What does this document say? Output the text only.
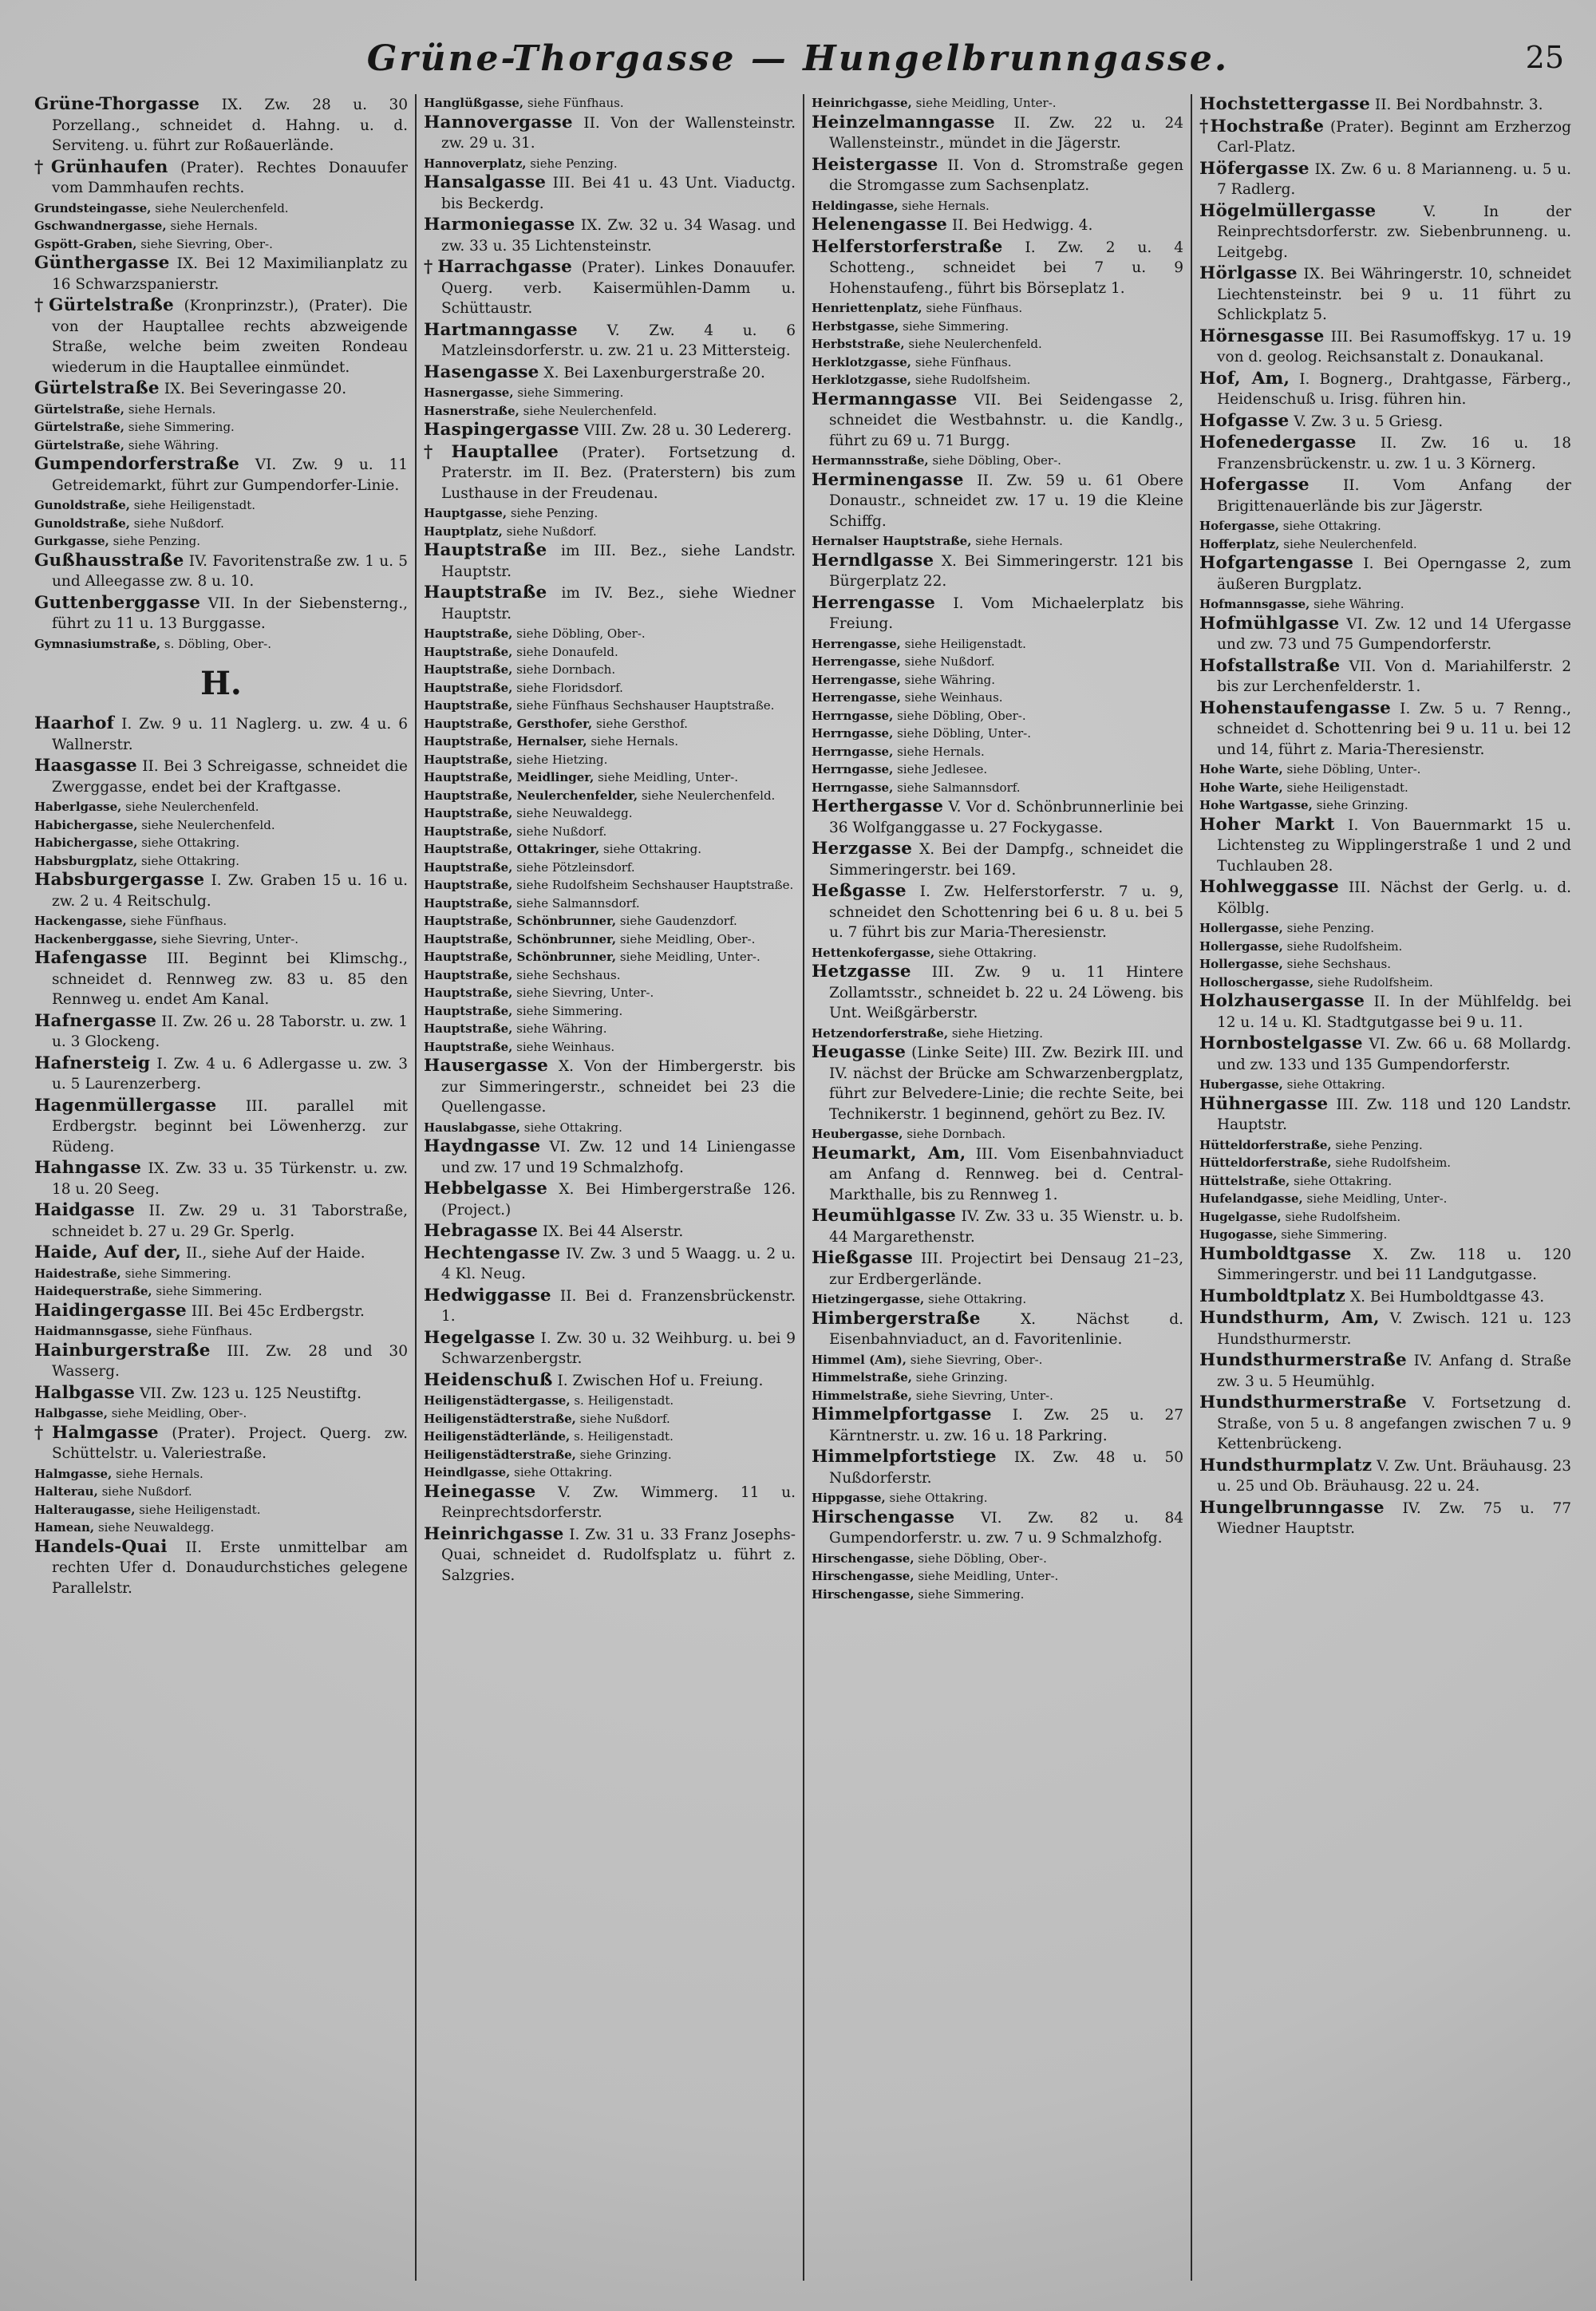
Grüne-Thorgasse — Hungelbrunngasse.	25

Grüne-Thorgasse IX. Zw. 28 u. 30 Porzellang., schneidet d. Hahng. u. d. Serviteng. u. führt zur Roßauerlände.

†Grünhaufen (Prater). Rechtes Donauufer vom Dammhaufen rechts.

Grundsteingasse, siehe Neulerchenfeld.

Gschwandnergasse, siehe Hernals.

Gspött-Graben, siehe Sievring, Ober-.

Günthergasse IX. Bei 12 Maximilianplatz zu 16 Schwarzspanierstr.

†Gürtelstraße (Kronprinzstr.), (Prater). Die von der Hauptallee rechts abzweigende Straße, welche beim zweiten Rondeau wiederum in die Hauptallee einmündet.

Gürtelstraße IX. Bei Severingasse 20.

Gürtelstraße, siehe Hernals.

Gürtelstraße, siehe Simmering.

Gürtelstraße, siehe Währing.

Gumpendorferstraße VI. Zw. 9 u. 11 Getreidemarkt, führt zur Gumpendorfer-Linie.

Gunoldstraße, siehe Heiligenstadt.

Gunoldstraße, siehe Nußdorf.

Gurkgasse, siehe Penzing.

Gußhausstraße IV. Favoritenstraße zw. 1 u. 5 und Alleegasse zw. 8 u. 10.

Guttenberggasse VII. In der Siebensterng., führt zu 11 u. 13 Burggasse.

Gymnasiumstraße, s. Döbling, Ober-.

H.

Haarhof I. Zw. 9 u. 11 Naglerg. u. zw. 4 u. 6 Wallnerstr.

Haasgasse II. Bei 3 Schreigasse, schneidet die Zwerggasse, endet bei der Kraftgasse.

Haberlgasse, siehe Neulerchenfeld.

Habichergasse, siehe Neulerchenfeld.

Habichergasse, siehe Ottakring.

Habsburgplatz, siehe Ottakring.

Habsburgergasse I. Zw. Graben 15 u. 16 u. zw. 2 u. 4 Reitschulg.

Hackengasse, siehe Fünfhaus.

Hackenberggasse, siehe Sievring, Unter-.

Hafengasse III. Beginnt bei Klimschg., schneidet d. Rennweg zw. 83 u. 85 den Rennweg u. endet Am Kanal.

Hafnergasse II. Zw. 26 u. 28 Taborstr. u. zw. 1 u. 3 Glockeng.

Hafnersteig I. Zw. 4 u. 6 Adlergasse u. zw. 3 u. 5 Laurenzerberg.

Hagenmüllergasse III. parallel mit Erdbergstr. beginnt bei Löwenherzg. zur Rüdeng.

Hahngasse IX. Zw. 33 u. 35 Türkenstr. u. zw. 18 u. 20 Seeg.

Haidgasse II. Zw. 29 u. 31 Taborstraße, schneidet b. 27 u. 29 Gr. Sperlg.

Haide, Auf der, II., siehe Auf der Haide.

Haidestraße, siehe Simmering.

Haidequerstraße, siehe Simmering.

Haidingergasse III. Bei 45c Erdbergstr.

Haidmannsgasse, siehe Fünfhaus.

Hainburgerstraße III. Zw. 28 und 30 Wasserg.

Halbgasse VII. Zw. 123 u. 125 Neustiftg.

Halbgasse, siehe Meidling, Ober-.

†Halmgasse (Prater). Project. Querg. zw. Schüttelstr. u. Valeriestraße.

Halmgasse, siehe Hernals.

Halterau, siehe Nußdorf.

Halteraugasse, siehe Heiligenstadt.

Hamean, siehe Neuwaldegg.

Handels-Quai II. Erste unmittelbar am rechten Ufer d. Donaudurchstiches gelegene Parallelstr.

Hanglüßgasse, siehe Fünfhaus.

Hannovergasse II. Von der Wallensteinstr. zw. 29 u. 31.

Hannoverplatz, siehe Penzing.

Hansalgasse III. Bei 41 u. 43 Unt. Viaductg. bis Beckerdg.

Harmoniegasse IX. Zw. 32 u. 34 Wasag. und zw. 33 u. 35 Lichtensteinstr.

†Harrachgasse (Prater). Linkes Donauufer. Querg. verb. Kaisermühlen-Damm u. Schüttaustr.

Hartmanngasse V. Zw. 4 u. 6 Matzleinsdorferstr. u. zw. 21 u. 23 Mittersteig.

Hasengasse X. Bei Laxenburgerstraße 20.

Hasnergasse, siehe Simmering.

Hasnerstraße, siehe Neulerchenfeld.

Haspingergasse VIII. Zw. 28 u. 30 Ledererg.

†Hauptallee (Prater). Fortsetzung d. Praterstr. im II. Bez. (Praterstern) bis zum Lusthause in der Freudenau.

Hauptgasse, siehe Penzing.

Hauptplatz, siehe Nußdorf.

Hauptstraße im III. Bez., siehe Landstr. Hauptstr.

Hauptstraße im IV. Bez., siehe Wiedner Hauptstr.

Hauptstraße, siehe Döbling, Ober-.

Hauptstraße, siehe Donaufeld.

Hauptstraße, siehe Dornbach.

Hauptstraße, siehe Floridsdorf.

Hauptstraße, siehe Fünfhaus Sechshauser Hauptstraße.

Hauptstraße, Gersthofer, siehe Gersthof.

Hauptstraße, Hernalser, siehe Hernals.

Hauptstraße, siehe Hietzing.

Hauptstraße, Meidlinger, siehe Meidling, Unter-.

Hauptstraße, Neulerchenfelder, siehe Neulerchenfeld.

Hauptstraße, siehe Neuwaldegg.

Hauptstraße, siehe Nußdorf.

Hauptstraße, Ottakringer, siehe Ottakring.

Hauptstraße, siehe Pötzleinsdorf.

Hauptstraße, siehe Rudolfsheim Sechshauser Hauptstraße.

Hauptstraße, siehe Salmannsdorf.

Hauptstraße, Schönbrunner, siehe Gaudenzdorf.

Hauptstraße, Schönbrunner, siehe Meidling, Ober-.

Hauptstraße, Schönbrunner, siehe Meidling, Unter-.

Hauptstraße, siehe Sechshaus.

Hauptstraße, siehe Sievring, Unter-.

Hauptstraße, siehe Simmering.

Hauptstraße, siehe Währing.

Hauptstraße, siehe Weinhaus.

Hausergasse X. Von der Himbergerstr. bis zur Simmeringerstr., schneidet bei 23 die Quellengasse.

Hauslabgasse, siehe Ottakring.

Haydngasse VI. Zw. 12 und 14 Liniengasse und zw. 17 und 19 Schmalzhofg.

Hebbelgasse X. Bei Himbergerstraße 126. (Project.)

Hebragasse IX. Bei 44 Alserstr.

Hechtengasse IV. Zw. 3 und 5 Waagg. u. 2 u. 4 Kl. Neug.

Hedwiggasse II. Bei d. Franzensbrückenstr. 1.

Hegelgasse I. Zw. 30 u. 32 Weihburg. u. bei 9 Schwarzenbergstr.

Heidenschuß I. Zwischen Hof u. Freiung.

Heiligenstädtergasse, s. Heiligenstadt.

Heiligenstädterstraße, siehe Nußdorf.

Heiligenstädterlände, s. Heiligenstadt.

Heiligenstädterstraße, siehe Grinzing.

Heindlgasse, siehe Ottakring.

Heinegasse V. Zw. Wimmerg. 11 u. Reinprechtsdorferstr.

Heinrichgasse I. Zw. 31 u. 33 Franz Josephs-Quai, schneidet d. Rudolfsplatz u. führt z. Salzgries.

Heinrichgasse, siehe Meidling, Unter-.

Heinzelmanngasse II. Zw. 22 u. 24 Wallensteinstr., mündet in die Jägerstr.

Heistergasse II. Von d. Stromstraße gegen die Stromgasse zum Sachsenplatz.

Heldingasse, siehe Hernals.

Helenengasse II. Bei Hedwigg. 4.

Helferstorferstraße I. Zw. 2 u. 4 Schotteng., schneidet bei 7 u. 9 Hohenstaufeng., führt bis Börseplatz 1.

Henriettenplatz, siehe Fünfhaus.

Herbstgasse, siehe Simmering.

Herbststraße, siehe Neulerchenfeld.

Herklotzgasse, siehe Fünfhaus.

Herklotzgasse, siehe Rudolfsheim.

Hermanngasse VII. Bei Seidengasse 2, schneidet die Westbahnstr. u. die Kandlg., führt zu 69 u. 71 Burgg.

Hermannsstraße, siehe Döbling, Ober-.

Herminengasse II. Zw. 59 u. 61 Obere Donaustr., schneidet zw. 17 u. 19 die Kleine Schiffg.

Hernalser Hauptstraße, siehe Hernals.

Herndlgasse X. Bei Simmeringerstr. 121 bis Bürgerplatz 22.

Herrengasse I. Vom Michaelerplatz bis Freiung.

Herrengasse, siehe Heiligenstadt.

Herrengasse, siehe Nußdorf.

Herrengasse, siehe Währing.

Herrengasse, siehe Weinhaus.

Herrngasse, siehe Döbling, Ober-.

Herrngasse, siehe Döbling, Unter-.

Herrngasse, siehe Hernals.

Herrngasse, siehe Jedlesee.

Herrngasse, siehe Salmannsdorf.

Herthergasse V. Vor d. Schönbrunnerlinie bei 36 Wolfganggasse u. 27 Fockygasse.

Herzgasse X. Bei der Dampfg., schneidet die Simmeringerstr. bei 169.

Heßgasse I. Zw. Helferstorferstr. 7 u. 9, schneidet den Schottenring bei 6 u. 8 u. bei 5 u. 7 führt bis zur Maria-Theresienstr.

Hettenkofergasse, siehe Ottakring.

Hetzgasse III. Zw. 9 u. 11 Hintere Zollamtsstr., schneidet b. 22 u. 24 Löweng. bis Unt. Weißgärberstr.

Hetzendorferstraße, siehe Hietzing.

Heugasse (Linke Seite) III. Zw. Bezirk III. und IV. nächst der Brücke am Schwarzenbergplatz, führt zur Belvedere-Linie; die rechte Seite, bei Technikerstr. 1 beginnend, gehört zu Bez. IV.

Heubergasse, siehe Dornbach.

Heumarkt, Am, III. Vom Eisenbahnviaduct am Anfang d. Rennweg. bei d. Central-Markthalle, bis zu Rennweg 1.

Heumühlgasse IV. Zw. 33 u. 35 Wienstr. u. b. 44 Margarethenstr.

Hießgasse III. Projectirt bei Densaug 21–23, zur Erdbergerlände.

Hietzingergasse, siehe Ottakring.

Himbergerstraße	X. Nächst d. Eisenbahnviaduct, an d. Favoritenlinie.

Himmel (Am), siehe Sievring, Ober-.

Himmelstraße, siehe Grinzing.

Himmelstraße, siehe Sievring, Unter-.

Himmelpfortgasse I. Zw. 25 u. 27 Kärntnerstr. u. zw. 16 u. 18 Parkring.

Himmelpfortstiege IX. Zw. 48 u. 50 Nußdorferstr.

Hippgasse, siehe Ottakring.

Hirschengasse VI. Zw. 82 u. 84 Gumpendorferstr. u. zw. 7 u. 9 Schmalzhofg.

Hirschengasse, siehe Döbling, Ober-.

Hirschengasse, siehe Meidling, Unter-.

Hirschengasse, siehe Simmering.

Hochstettergasse II. Bei Nordbahnstr. 3.

†Hochstraße (Prater). Beginnt am Erzherzog Carl-Platz.

Höfergasse IX. Zw. 6 u. 8 Marianneng. u. 5 u. 7 Radlerg.

Högelmüllergasse	V. In der Reinprechtsdorferstr. zw. Siebenbrunneng. u. Leitgebg.

Hörlgasse IX. Bei Währingerstr. 10, schneidet Liechtensteinstr. bei 9 u. 11 führt zu Schlickplatz 5.

Hörnesgasse III. Bei Rasumoffskyg. 17 u. 19 von d. geolog. Reichsanstalt z. Donaukanal.

Hof, Am, I. Bognerg., Drahtgasse, Färberg., Heidenschuß u. Irisg. führen hin.

Hofgasse V. Zw. 3 u. 5 Griesg.

Hofenedergasse II. Zw. 16 u. 18 Franzensbrückenstr. u. zw. 1 u. 3 Körnerg.

Hofergasse II. Vom Anfang der Brigittenauerlände bis zur Jägerstr.

Hofergasse, siehe Ottakring.

Hofferplatz, siehe Neulerchenfeld.

Hofgartengasse I. Bei Operngasse 2, zum äußeren Burgplatz.

Hofmannsgasse, siehe Währing.

Hofmühlgasse VI. Zw. 12 und 14 Ufergasse und zw. 73 und 75 Gumpendorferstr.

Hofstallstraße VII. Von d. Mariahilferstr. 2 bis zur Lerchenfelderstr. 1.

Hohenstaufengasse I. Zw. 5 u. 7 Renng., schneidet d. Schottenring bei 9 u. 11 u. bei 12 und 14, führt z. Maria-Theresienstr.

Hohe Warte, siehe Döbling, Unter-.

Hohe Warte, siehe Heiligenstadt.

Hohe Wartgasse, siehe Grinzing.

Hoher Markt I. Von Bauernmarkt 15 u. Lichtensteg zu Wipplingerstraße 1 und 2 und Tuchlauben 28.

Hohlweggasse III. Nächst der Gerlg. u. d. Kölblg.

Hollergasse, siehe Penzing.

Hollergasse, siehe Rudolfsheim.

Hollergasse, siehe Sechshaus.

Holloschergasse, siehe Rudolfsheim.

Holzhausergasse II. In der Mühlfeldg. bei 12 u. 14 u. Kl. Stadtgutgasse bei 9 u. 11.

Hornbostelgasse VI. Zw. 66 u. 68 Mollardg. und zw. 133 und 135 Gumpendorferstr.

Hubergasse, siehe Ottakring.

Hühnergasse III. Zw. 118 und 120 Landstr. Hauptstr.

Hütteldorferstraße, siehe Penzing.

Hütteldorferstraße, siehe Rudolfsheim.

Hüttelstraße, siehe Ottakring.

Hufelandgasse, siehe Meidling, Unter-.

Hugelgasse, siehe Rudolfsheim.

Hugogasse, siehe Simmering.

Humboldtgasse X. Zw. 118 u. 120 Simmeringerstr. und bei 11 Landgutgasse.

Humboldtplatz X. Bei Humboldtgasse 43.

Hundsthurm, Am, V. Zwisch. 121 u. 123 Hundsthurmerstr.

Hundsthurmerstraße IV. Anfang d. Straße zw. 3 u. 5 Heumühlg.

Hundsthurmerstraße V. Fortsetzung d. Straße, von 5 u. 8 angefangen zwischen 7 u. 9 Kettenbrückeng.

Hundsthurmplatz V. Zw. Unt. Bräuhausg. 23 u. 25 und Ob. Bräuhausg. 22 u. 24.

Hungelbrunngasse IV. Zw. 75 u. 77 Wiedner Hauptstr.
